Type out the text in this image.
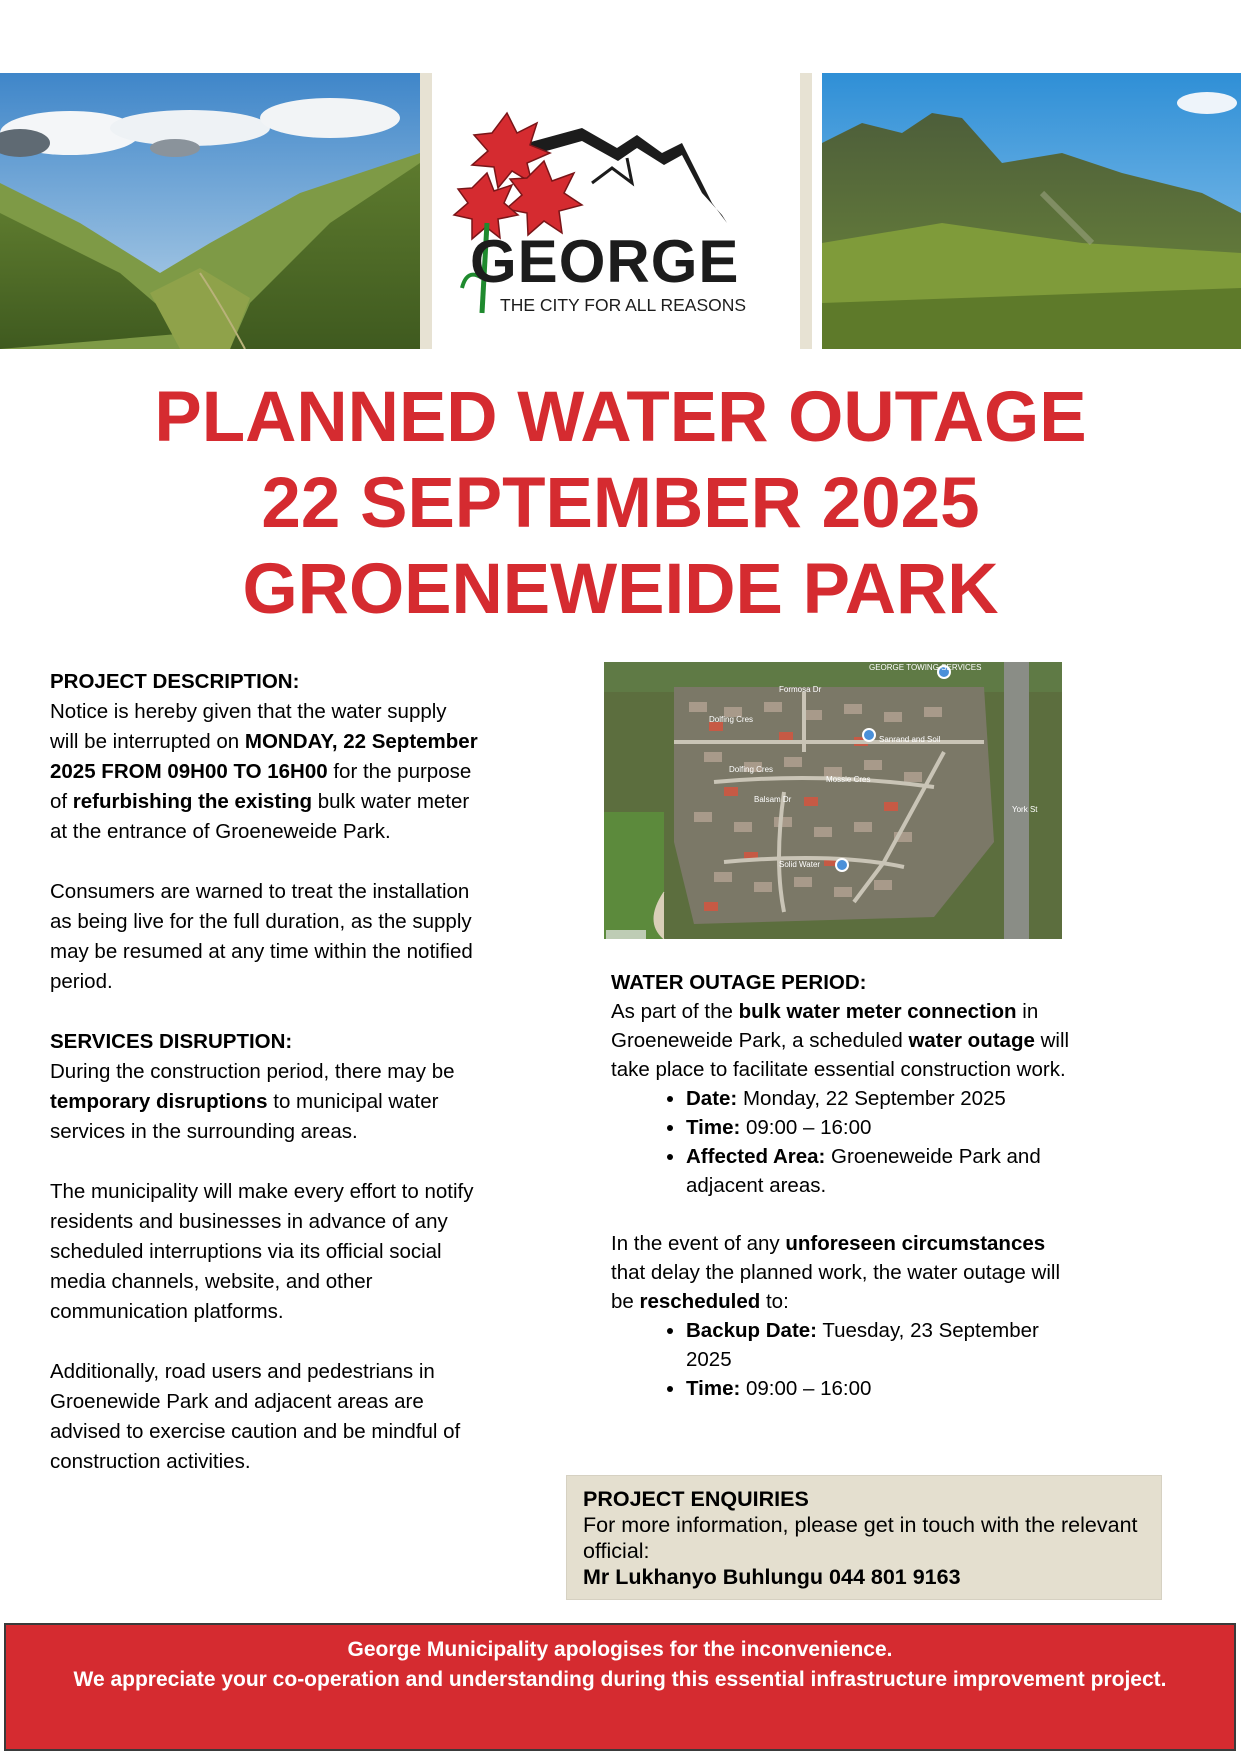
GEORGE
THE CITY FOR ALL REASONS
PLANNED WATER OUTAGE
22 SEPTEMBER 2025
GROENEWEIDE PARK

PROJECT DESCRIPTION:

Notice is hereby given that the water supply will be interrupted on MONDAY, 22 September 2025 FROM 09H00 TO 16H00 for the purpose of refurbishing the existing bulk water meter at the entrance of Groeneweide Park.

Consumers are warned to treat the installation as being live for the full duration, as the supply may be resumed at any time within the notified period.

SERVICES DISRUPTION:

During the construction period, there may be temporary disruptions to municipal water services in the surrounding areas.

The municipality will make every effort to notify residents and businesses in advance of any scheduled interruptions via its official social media channels, website, and other communication platforms.

Additionally, road users and pedestrians in Groenewide Park and adjacent areas are advised to exercise caution and be mindful of construction activities.

GEORGE TOWING SERVICES
Formosa Dr
Dolfing Cres
Sanrand and Soil
Dolfing Cres
Balsam Dr
Mossie Cres
York St
Solid Water

WATER OUTAGE PERIOD:

As part of the bulk water meter connection in Groeneweide Park, a scheduled water outage will take place to facilitate essential construction work.

• Date: Monday, 22 September 2025
• Time: 09:00 – 16:00
• Affected Area: Groeneweide Park and adjacent areas.

In the event of any unforeseen circumstances that delay the planned work, the water outage will be rescheduled to:

• Backup Date: Tuesday, 23 September 2025
• Time: 09:00 – 16:00
PROJECT ENQUIRIES
For more information, please get in touch with the relevant official:
Mr Lukhanyo Buhlungu 044 801 9163
George Municipality apologises for the inconvenience.
We appreciate your co-operation and understanding during this essential infrastructure improvement project.
